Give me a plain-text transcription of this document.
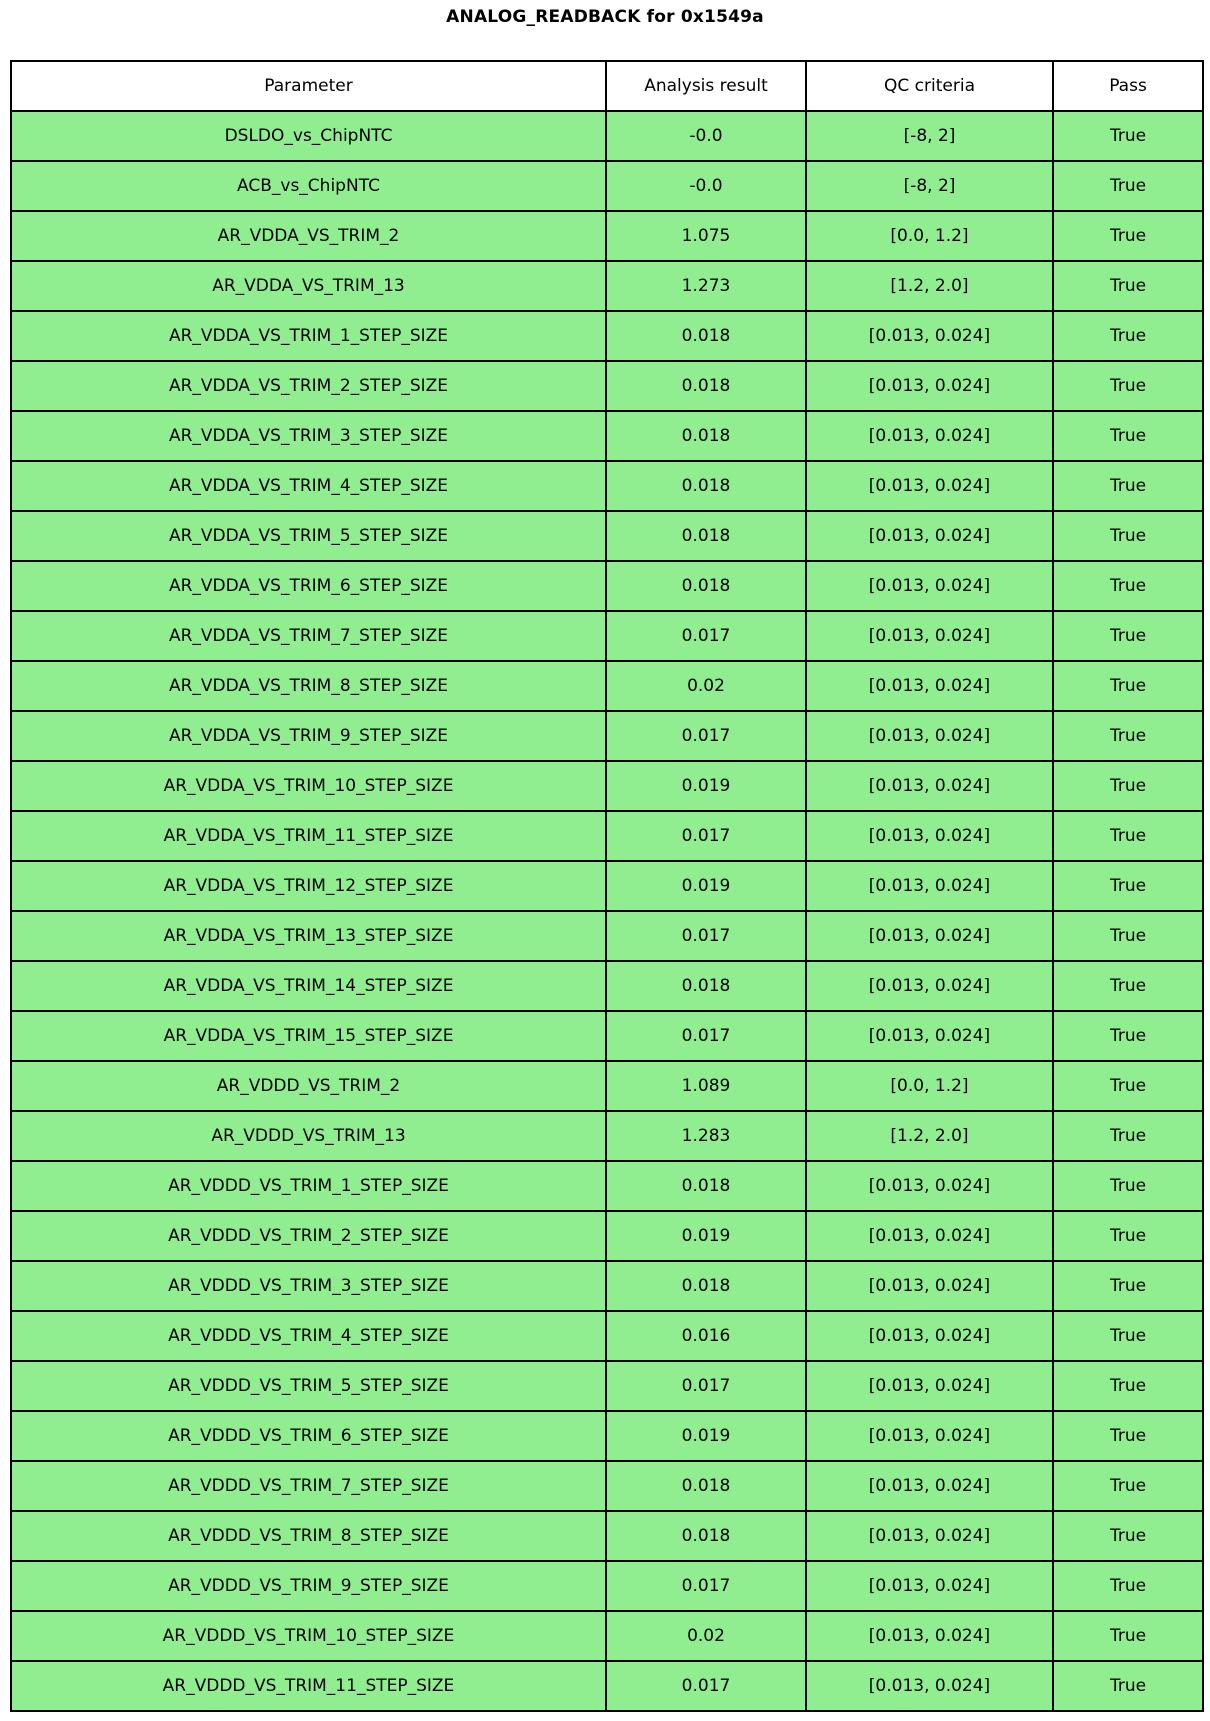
ANALOG_READBACK for 0x1549a
Parameter	Analysis result	QC criteria	Pass
DSLDO_vs_ChipNTC	-0.0	[-8, 2]	True
ACB_vs_ChipNTC	-0.0	[-8, 2]	True
AR_VDDA_VS_TRIM_2	1.075	[0.0, 1.2]	True
AR_VDDA_VS_TRIM_13	1.273	[1.2, 2.0]	True
AR_VDDA_VS_TRIM_1_STEP_SIZE	0.018	[0.013, 0.024]	True
AR_VDDA_VS_TRIM_2_STEP_SIZE	0.018	[0.013, 0.024]	True
AR_VDDA_VS_TRIM_3_STEP_SIZE	0.018	[0.013, 0.024]	True
AR_VDDA_VS_TRIM_4_STEP_SIZE	0.018	[0.013, 0.024]	True
AR_VDDA_VS_TRIM_5_STEP_SIZE	0.018	[0.013, 0.024]	True
AR_VDDA_VS_TRIM_6_STEP_SIZE	0.018	[0.013, 0.024]	True
AR_VDDA_VS_TRIM_7_STEP_SIZE	0.017	[0.013, 0.024]	True
AR_VDDA_VS_TRIM_8_STEP_SIZE	0.02	[0.013, 0.024]	True
AR_VDDA_VS_TRIM_9_STEP_SIZE	0.017	[0.013, 0.024]	True
AR_VDDA_VS_TRIM_10_STEP_SIZE	0.019	[0.013, 0.024]	True
AR_VDDA_VS_TRIM_11_STEP_SIZE	0.017	[0.013, 0.024]	True
AR_VDDA_VS_TRIM_12_STEP_SIZE	0.019	[0.013, 0.024]	True
AR_VDDA_VS_TRIM_13_STEP_SIZE	0.017	[0.013, 0.024]	True
AR_VDDA_VS_TRIM_14_STEP_SIZE	0.018	[0.013, 0.024]	True
AR_VDDA_VS_TRIM_15_STEP_SIZE	0.017	[0.013, 0.024]	True
AR_VDDD_VS_TRIM_2	1.089	[0.0, 1.2]	True
AR_VDDD_VS_TRIM_13	1.283	[1.2, 2.0]	True
AR_VDDD_VS_TRIM_1_STEP_SIZE	0.018	[0.013, 0.024]	True
AR_VDDD_VS_TRIM_2_STEP_SIZE	0.019	[0.013, 0.024]	True
AR_VDDD_VS_TRIM_3_STEP_SIZE	0.018	[0.013, 0.024]	True
AR_VDDD_VS_TRIM_4_STEP_SIZE	0.016	[0.013, 0.024]	True
AR_VDDD_VS_TRIM_5_STEP_SIZE	0.017	[0.013, 0.024]	True
AR_VDDD_VS_TRIM_6_STEP_SIZE	0.019	[0.013, 0.024]	True
AR_VDDD_VS_TRIM_7_STEP_SIZE	0.018	[0.013, 0.024]	True
AR_VDDD_VS_TRIM_8_STEP_SIZE	0.018	[0.013, 0.024]	True
AR_VDDD_VS_TRIM_9_STEP_SIZE	0.017	[0.013, 0.024]	True
AR_VDDD_VS_TRIM_10_STEP_SIZE	0.02	[0.013, 0.024]	True
AR_VDDD_VS_TRIM_11_STEP_SIZE	0.017	[0.013, 0.024]	True
